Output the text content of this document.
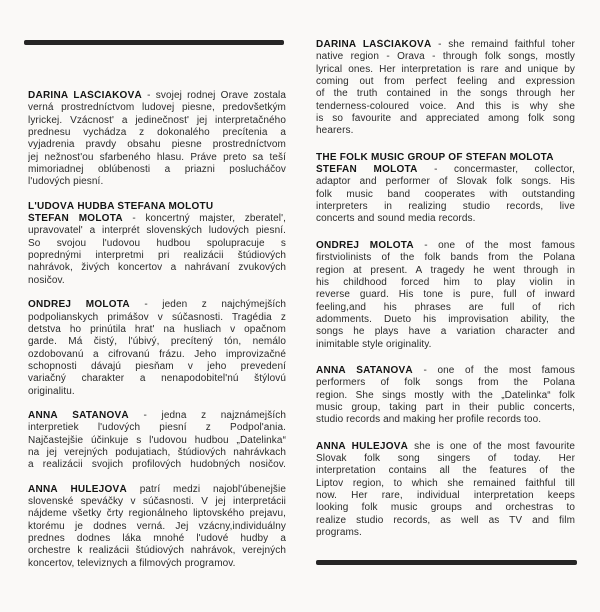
DARINA LAŠČIAKOVÀ - svojej rodnej Orave zostala
verná prostredníctvom ludovej piesne, predovšetkým
lyrickej. Vzácnost' a jedinečnost' jej interpretačného
prednesu vychádza z dokonalého precítenia a
vyjadrenia pravdy obsahu piesne prostredníctvom
jej nežnost'ou sfarbeného hlasu. Práve preto sa teší
mimoriadnej oblúbenosti a priazni poslucháčov
l'udových piesní.
L'UDOVÁ HUDBA ŠTEFANA MOLOTU
ŠTEFAN MOLOTA - koncertný majster, zberatel',
upravovatel' a interprét slovenských ludových piesní.
So svojou l'udovou hudbou spolupracuje s
poprednými interpretmi pri realizácii štúdiových
nahrávok, živých koncertov a nahrávaní zvukových
nosičov.
ONDREJ MOLOTA - jeden z najchýmejších
podpolianskych primášov v súčasnosti. Tragédia z
detstva ho prinútila hrat' na husliach v opačnom
garde. Má čistý, l'úbivý, precítený tón, nemálo
ozdobovanú a cifrovanú frázu. Jeho improvizačné
schopnosti dávajú piesňam v jeho prevedení
variačný charakter a nenapodobitel'nú štýlovú
originalitu.
ANNA ŠATANOVÁ - jedna z najznámejších
interpretiek l'udových piesní z Podpol'ania.
Najčastejšie účinkuje s l'udovou hudbou „Ďatelinka“
na jej verejných podujatiach, štúdiových nahrávkach
a realizácii svojich profilových hudobných nosičov.
ANNA HULEJOVÁ patrí medzi najobl'úbenejšie
slovenské speváčky v súčasnosti. V jej interpretácii
nájdeme všetky črty regionálneho liptovského prejavu,
ktorému je dodnes verná. Jej vzácny,individuálny
prednes dodnes láka mnohé l'udové hudby a
orchestre k realizácii štúdiových nahrávok, verejných
koncertov, televiznych a filmových programov.
DARINA LAŠČIAKOVÁ - she remaind faithful toher
native region - Orava - through folk songs, mostly
lyrical ones. Her interpretation is rare and unique by
coming out from perfect feeling and expression
of the truth contained in the songs through her
tenderness-coloured voice. And this is why she
is so favourite and appreciated among folk song
hearers.
THE FOLK MUSIC GROUP OF ŠTEFAN MOLOTA
ŠTEFAN MOLOTA - concermaster, collector,
adaptor and performer of Slovak folk songs. His
folk music band cooperates with outstanding
interpreters in realizing studio records, live
concerts and sound media records.
ONDREJ MOLOTA - one of the most famous
firstviolinists of the folk bands from the Polana
region at present. A tragedy he went through in
his childhood forced him to play violin in
reverse guard. His tone is pure, full of inward
feeling,and his phrases are full of rich
adomments. Dueto his improvisation ability, the
songs he plays have a variation character and
inimitable style originality.
ANNA ŠATANOVÁ - one of the most famous
performers of folk songs from the Polana
region. She sings mostly with the „Ďatelinka“ folk
music group, taking part in their public concerts,
studio records and making her profile records too.
ANNA HULEJOVÁ she is one of the most favourite
Slovak folk song singers of today. Her
interpretation contains all the features of the
Liptov region, to which she remained faithful till
now. Her rare, individual interpretation keeps
looking folk music groups and orchestras to
realize studio records, as well as TV and film
programs.
